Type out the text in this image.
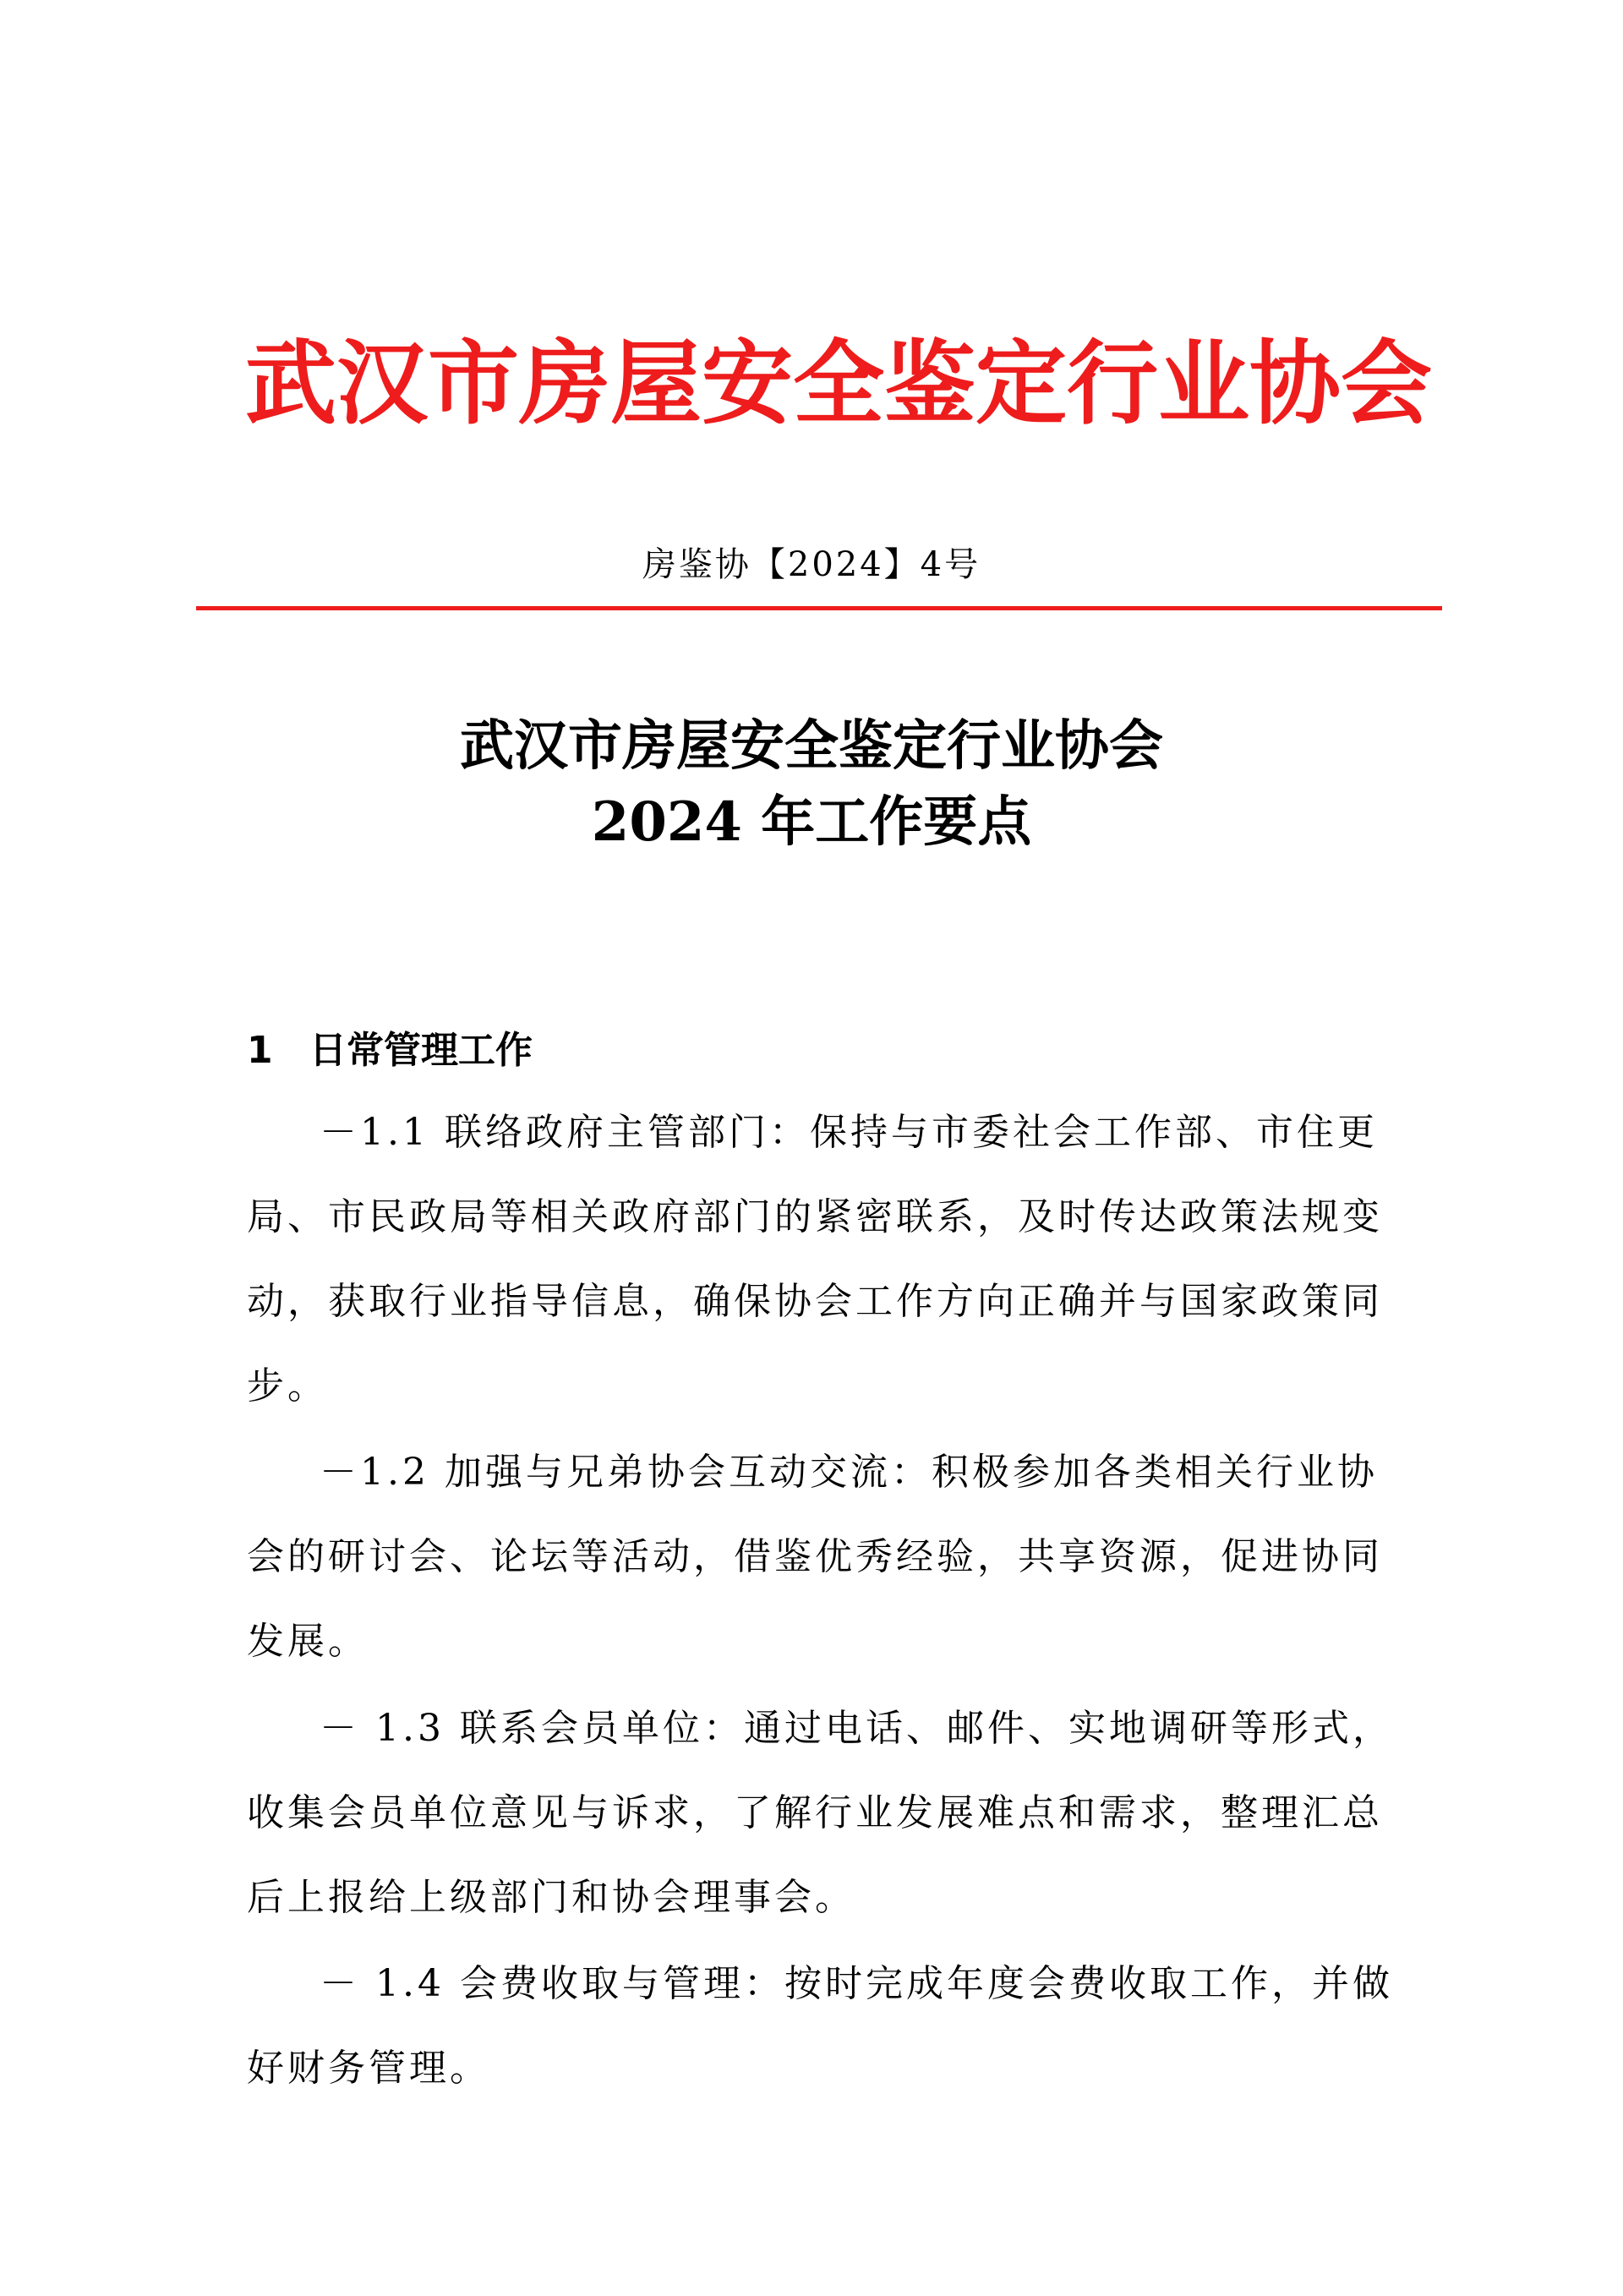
武汉市房屋安全鉴定行业协会
房鉴协【2024】4号
武汉市房屋安全鉴定行业协会
2024 年工作要点
1 日常管理工作
－1.1 联络政府主管部门：保持与市委社会工作部、市住更
局、市民政局等相关政府部门的紧密联系，及时传达政策法规变
动，获取行业指导信息，确保协会工作方向正确并与国家政策同
步。
－1.2 加强与兄弟协会互动交流：积极参加各类相关行业协
会的研讨会、论坛等活动，借鉴优秀经验，共享资源，促进协同
发展。
－ 1.3 联系会员单位：通过电话、邮件、实地调研等形式，
收集会员单位意见与诉求，了解行业发展难点和需求，整理汇总
后上报给上级部门和协会理事会。
－ 1.4 会费收取与管理：按时完成年度会费收取工作，并做
好财务管理。
